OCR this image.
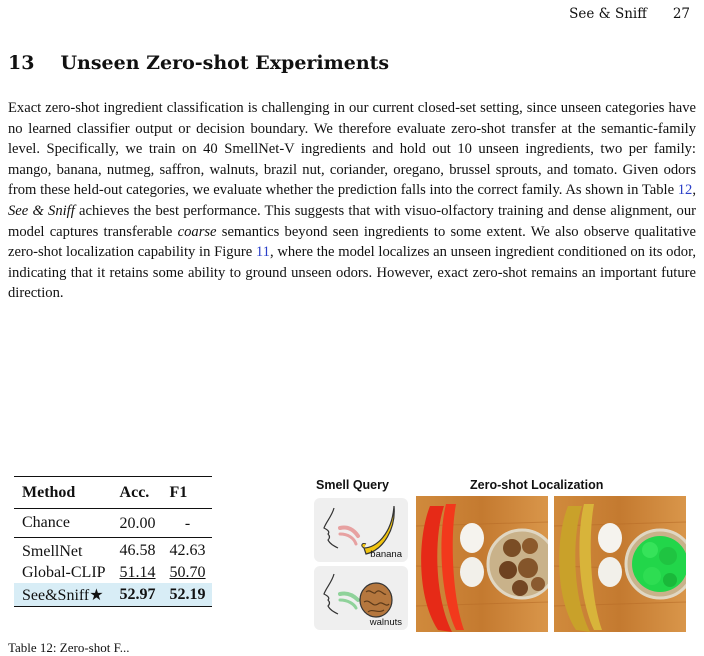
See & Sniff 27
13 Unseen Zero-shot Experiments
Exact zero-shot ingredient classification is challenging in our current closed-set setting, since unseen categories have no learned classifier output or decision boundary. We therefore evaluate zero-shot transfer at the semantic-family level. Specifically, we train on 40 SmellNet-V ingredients and hold out 10 unseen ingredients, two per family: mango, banana, nutmeg, saffron, walnuts, brazil nut, coriander, oregano, brussel sprouts, and tomato. Given odors from these held-out categories, we evaluate whether the prediction falls into the correct family. As shown in Table 12, See & Sniff achieves the best performance. This suggests that with visuo-olfactory training and dense alignment, our model captures transferable coarse semantics beyond seen ingredients to some extent. We also observe qualitative zero-shot localization capability in Figure 11, where the model localizes an unseen ingredient conditioned on its odor, indicating that it retains some ability to ground unseen odors. However, exact zero-shot remains an important future direction.
Method	Acc.	F1
Chance	20.00	-
SmellNet	46.58	42.63
Global-CLIP	51.14	50.70
See&Sniff★	52.97	52.19
Table 12: Zero-shot F...
Smell Query	Zero-shot Localization
banana
walnuts
